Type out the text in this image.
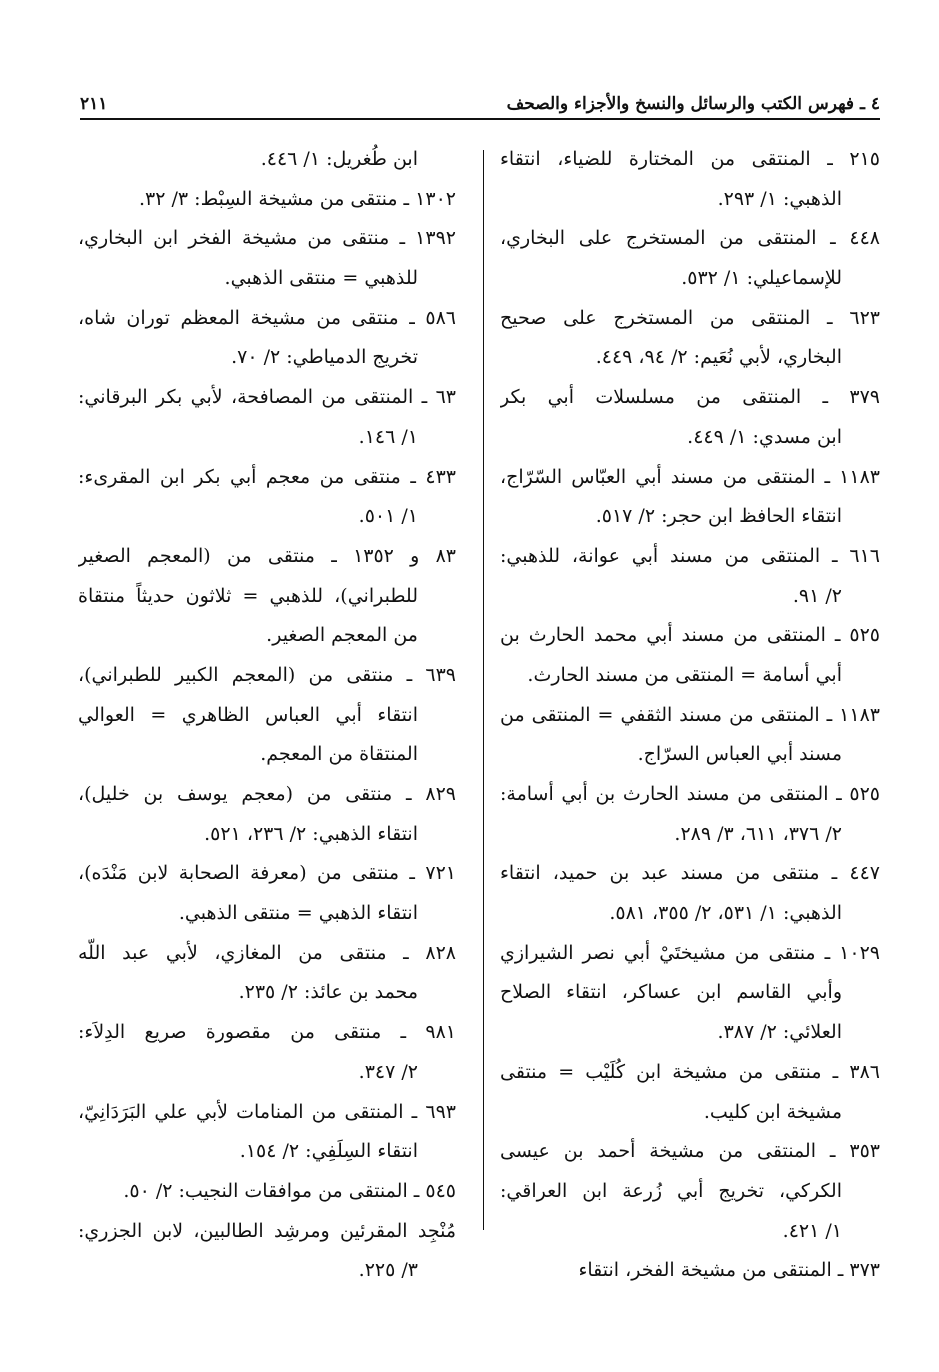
٤ ـ فهرس الكتب والرسائل والنسخ والأجزاء والصحف
٢١١
٢١٥ ـ المنتقى من المختارة للضياء، انتقاء
الذهبي: ١/ ٢٩٣.
٤٤٨ ـ المنتقى من المستخرج على البخاري،
للإسماعيلي: ١/ ٥٣٢.
٦٢٣ ـ المنتقى من المستخرج على صحيح
البخاري، لأبي نُعَيم: ٢/ ٩٤، ٤٤٩.
٣٧٩ ـ المنتقى من مسلسلات أبي بكر
ابن مسدي: ١/ ٤٤٩.
١١٨٣ ـ المنتقى من مسند أبي العبّاس السّرّاج،
انتقاء الحافظ ابن حجر: ٢/ ٥١٧.
٦١٦ ـ المنتقى من مسند أبي عوانة، للذهبي:
٢/ ٩١.
٥٢٥ ـ المنتقى من مسند أبي محمد الحارث بن
أبي أسامة = المنتقى من مسند الحارث.
١١٨٣ ـ المنتقى من مسند الثقفي = المنتقى من
مسند أبي العباس السرّاج.
٥٢٥ ـ المنتقى من مسند الحارث بن أبي أسامة:
٢/ ٣٧٦، ٦١١، ٣/ ٢٨٩.
٤٤٧ ـ منتقى من مسند عبد بن حميد، انتقاء
الذهبي: ١/ ٥٣١، ٢/ ٣٥٥، ٥٨١.
١٠٢٩ ـ منتقى من مشيختَيْ أبي نصر الشيرازي
وأبي القاسم ابن عساكر، انتقاء الصلاح
العلائي: ٢/ ٣٨٧.
٣٨٦ ـ منتقى من مشيخة ابن كُلَيْب = منتقى
مشيخة ابن كليب.
٣٥٣ ـ المنتقى من مشيخة أحمد بن عيسى
الكركي، تخريج أبي زُرعة ابن العراقي:
١/ ٤٢١.
٣٧٣ ـ المنتقى من مشيخة الفخر، انتقاء
ابن طُغريل: ١/ ٤٤٦.
١٣٠٢ ـ منتقى من مشيخة السِبْط: ٣/ ٣٢.
١٣٩٢ ـ منتقى من مشيخة الفخر ابن البخاري،
للذهبي = منتقى الذهبي.
٥٨٦ ـ منتقى من مشيخة المعظم توران شاه،
تخريج الدمياطي: ٢/ ٧٠.
٦٣ ـ المنتقى من المصافحة، لأبي بكر البرقاني:
١/ ١٤٦.
٤٣٣ ـ منتقى من معجم أبي بكر ابن المقرىء:
١/ ٥٠١.
٨٣ و ١٣٥٢ ـ منتقى من (المعجم الصغير
للطبراني)، للذهبي = ثلاثون حديثاً منتقاة
من المعجم الصغير.
٦٣٩ ـ منتقى من (المعجم الكبير للطبراني)،
انتقاء أبي العباس الظاهري = العوالي
المنتقاة من المعجم.
٨٢٩ ـ منتقى من (معجم يوسف بن خليل)،
انتقاء الذهبي: ٢/ ٢٣٦، ٥٢١.
٧٢١ ـ منتقى من (معرفة الصحابة لابن مَنْدَه)،
انتقاء الذهبي = منتقى الذهبي.
٨٢٨ ـ منتقى من المغازي، لأبي عبد اللّه
محمد بن عائذ: ٢/ ٢٣٥.
٩٨١ ـ منتقى من مقصورة صريع الدِلاَء:
٢/ ٣٤٧.
٦٩٣ ـ المنتقى من المنامات لأبي علي البَرَدَانِيّ،
انتقاء السِلَفِي: ٢/ ١٥٤.
٥٤٥ ـ المنتقى من موافقات النجيب: ٢/ ٥٠.
مُنْجِد المقرئين ومرشِد الطالبين، لابن الجزري:
٣/ ٢٢٥.
